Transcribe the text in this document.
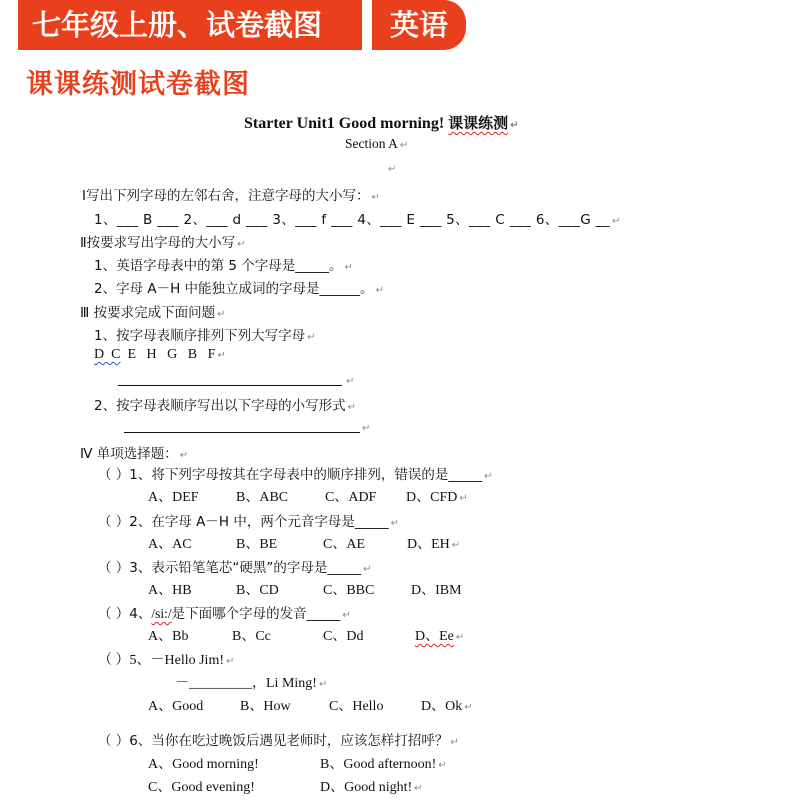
七年级上册、试卷截图	英语
课课练测试卷截图
Starter Unit1 Good morning! 课课练测 ↵
Section A ↵
↵
Ⅰ写出下列字母的左邻右舍，注意字母的大小写： ↵
1、___ B ___ 2、___ d ___ 3、___ f ___ 4、___ E ___ 5、___ C ___ 6、___G __ ↵
Ⅱ按要求写出字母的大小写 ↵
1、英语字母表中的第 5 个字母是_____。 ↵
2、字母 A－H 中能独立成词的字母是______。 ↵
Ⅲ 按要求完成下面问题 ↵
1、按字母表顺序排列下列大写字母 ↵
D  C  E   H   G   B   F ↵
↵
2、按字母表顺序写出以下字母的小写形式 ↵
↵
Ⅳ 单项选择题： ↵
（ ）1、将下列字母按其在字母表中的顺序排列，错误的是_____ ↵
A、DEF	B、ABC	C、ADF D、CFD ↵
（ ）2、在字母 A－H 中，两个元音字母是_____ ↵
A、AC	B、BE	C、AE	D、EH ↵
（ ）3、表示铅笔笔芯“硬黑”的字母是_____ ↵
A、HB	B、CD	C、BBC	D、IBM
（ ）4、/si:/是下面哪个字母的发音_____ ↵
A、Bb	B、Cc	C、Dd	D、Ee ↵
（ ）5、－Hello Jim! ↵
－_________，Li Ming! ↵
A、Good	B、How	C、Hello	D、Ok ↵
（ ）6、当你在吃过晚饭后遇见老师时，应该怎样打招呼？ ↵
A、Good morning!	B、Good afternoon! ↵
C、Good evening!	D、Good night! ↵
